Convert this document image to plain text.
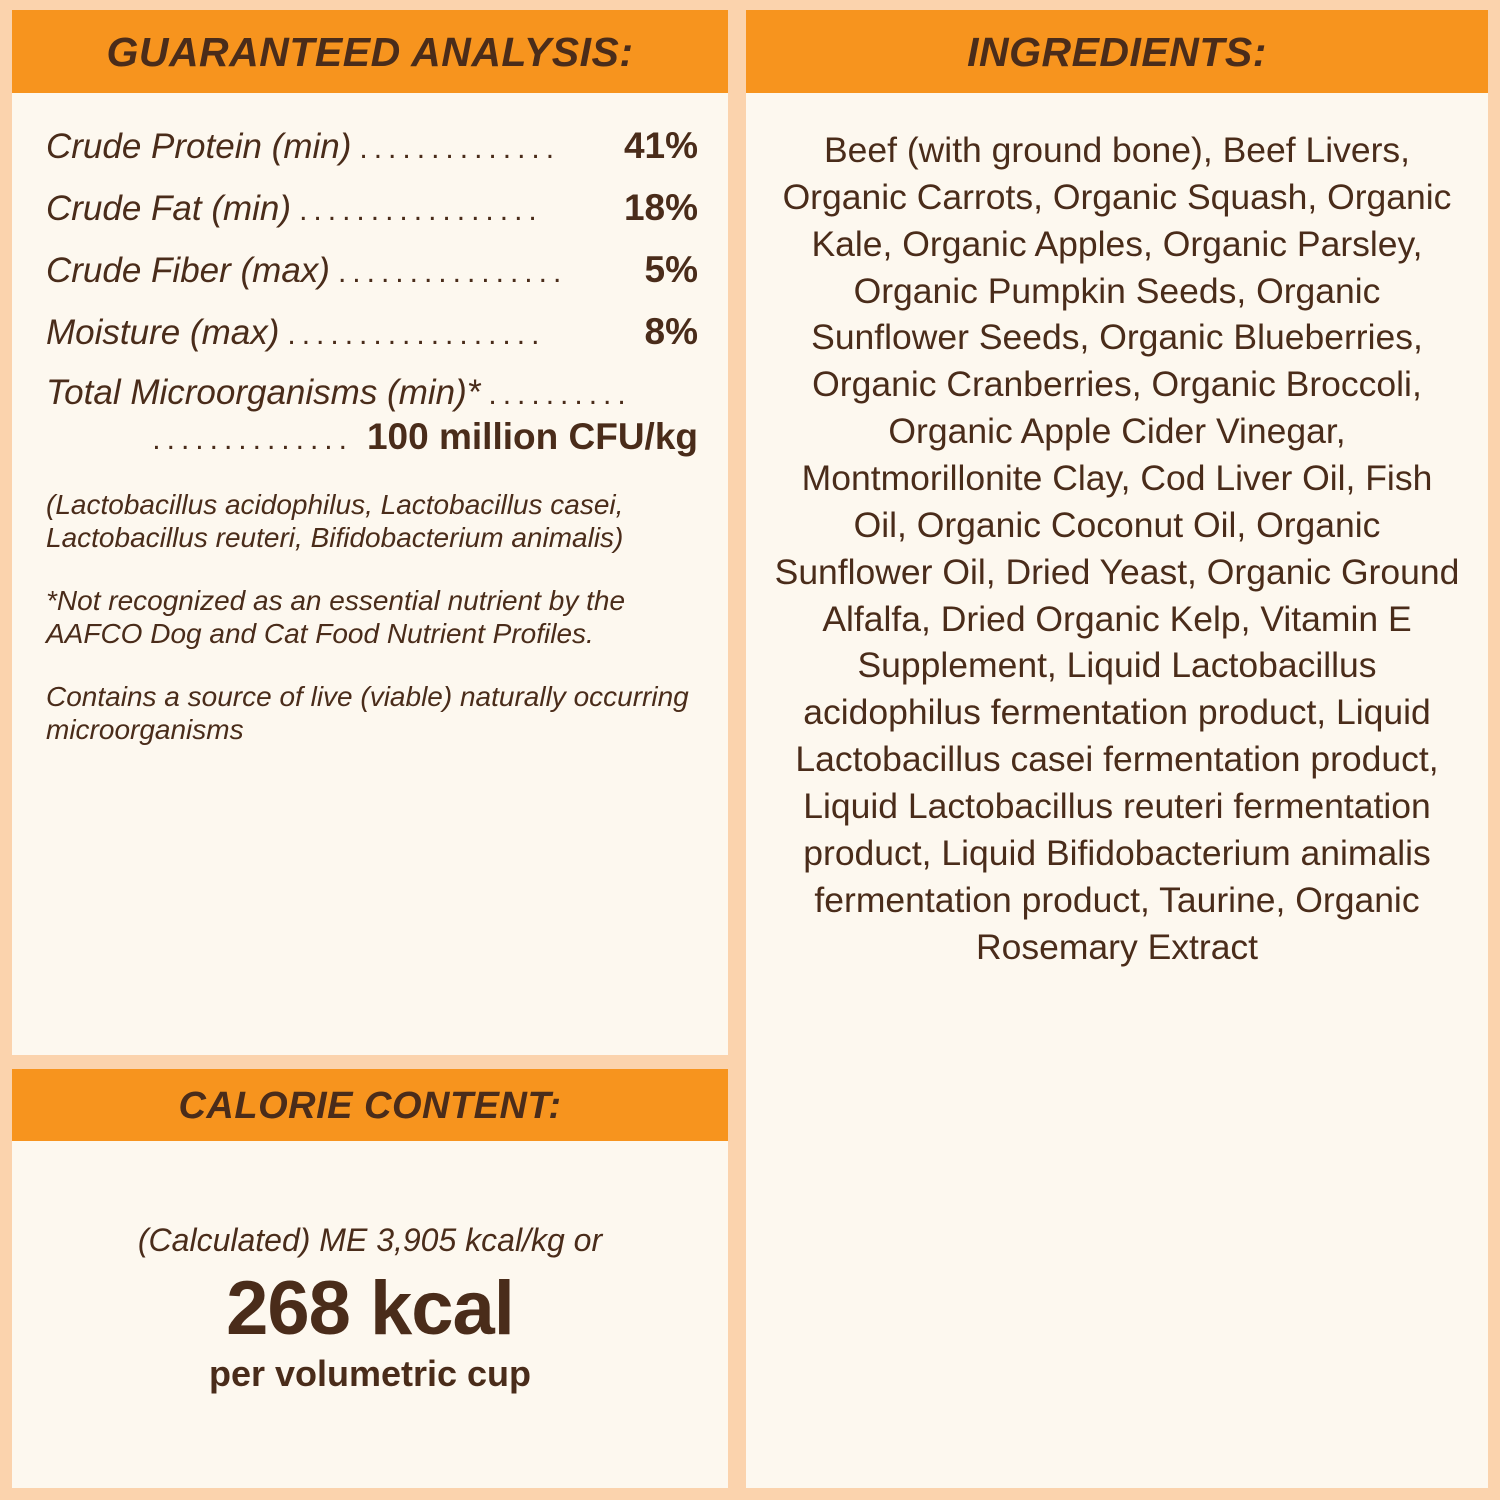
GUARANTEED ANALYSIS:
Crude Protein (min) ..............	41%
Crude Fat (min) .................	18%
Crude Fiber (max) ................	5%
Moisture (max) ..................	8%
Total Microorganisms (min)* ..........
.............. 100 million CFU/kg

(Lactobacillus acidophilus, Lactobacillus casei, Lactobacillus reuteri, Bifidobacterium animalis)

*Not recognized as an essential nutrient by the AAFCO Dog and Cat Food Nutrient Profiles.

Contains a source of live (viable) naturally occurring microorganisms

CALORIE CONTENT:
(Calculated) ME 3,905 kcal/kg or
268 kcal
per volumetric cup
INGREDIENTS:
Beef (with ground bone), Beef Livers, Organic Carrots, Organic Squash, Organic Kale, Organic Apples, Organic Parsley, Organic Pumpkin Seeds, Organic Sunflower Seeds, Organic Blueberries, Organic Cranberries, Organic Broccoli, Organic Apple Cider Vinegar, Montmorillonite Clay, Cod Liver Oil, Fish Oil, Organic Coconut Oil, Organic Sunflower Oil, Dried Yeast, Organic Ground Alfalfa, Dried Organic Kelp, Vitamin E Supplement, Liquid Lactobacillus acidophilus fermentation product, Liquid Lactobacillus casei fermentation product, Liquid Lactobacillus reuteri fermentation product, Liquid Bifidobacterium animalis fermentation product, Taurine, Organic Rosemary Extract
